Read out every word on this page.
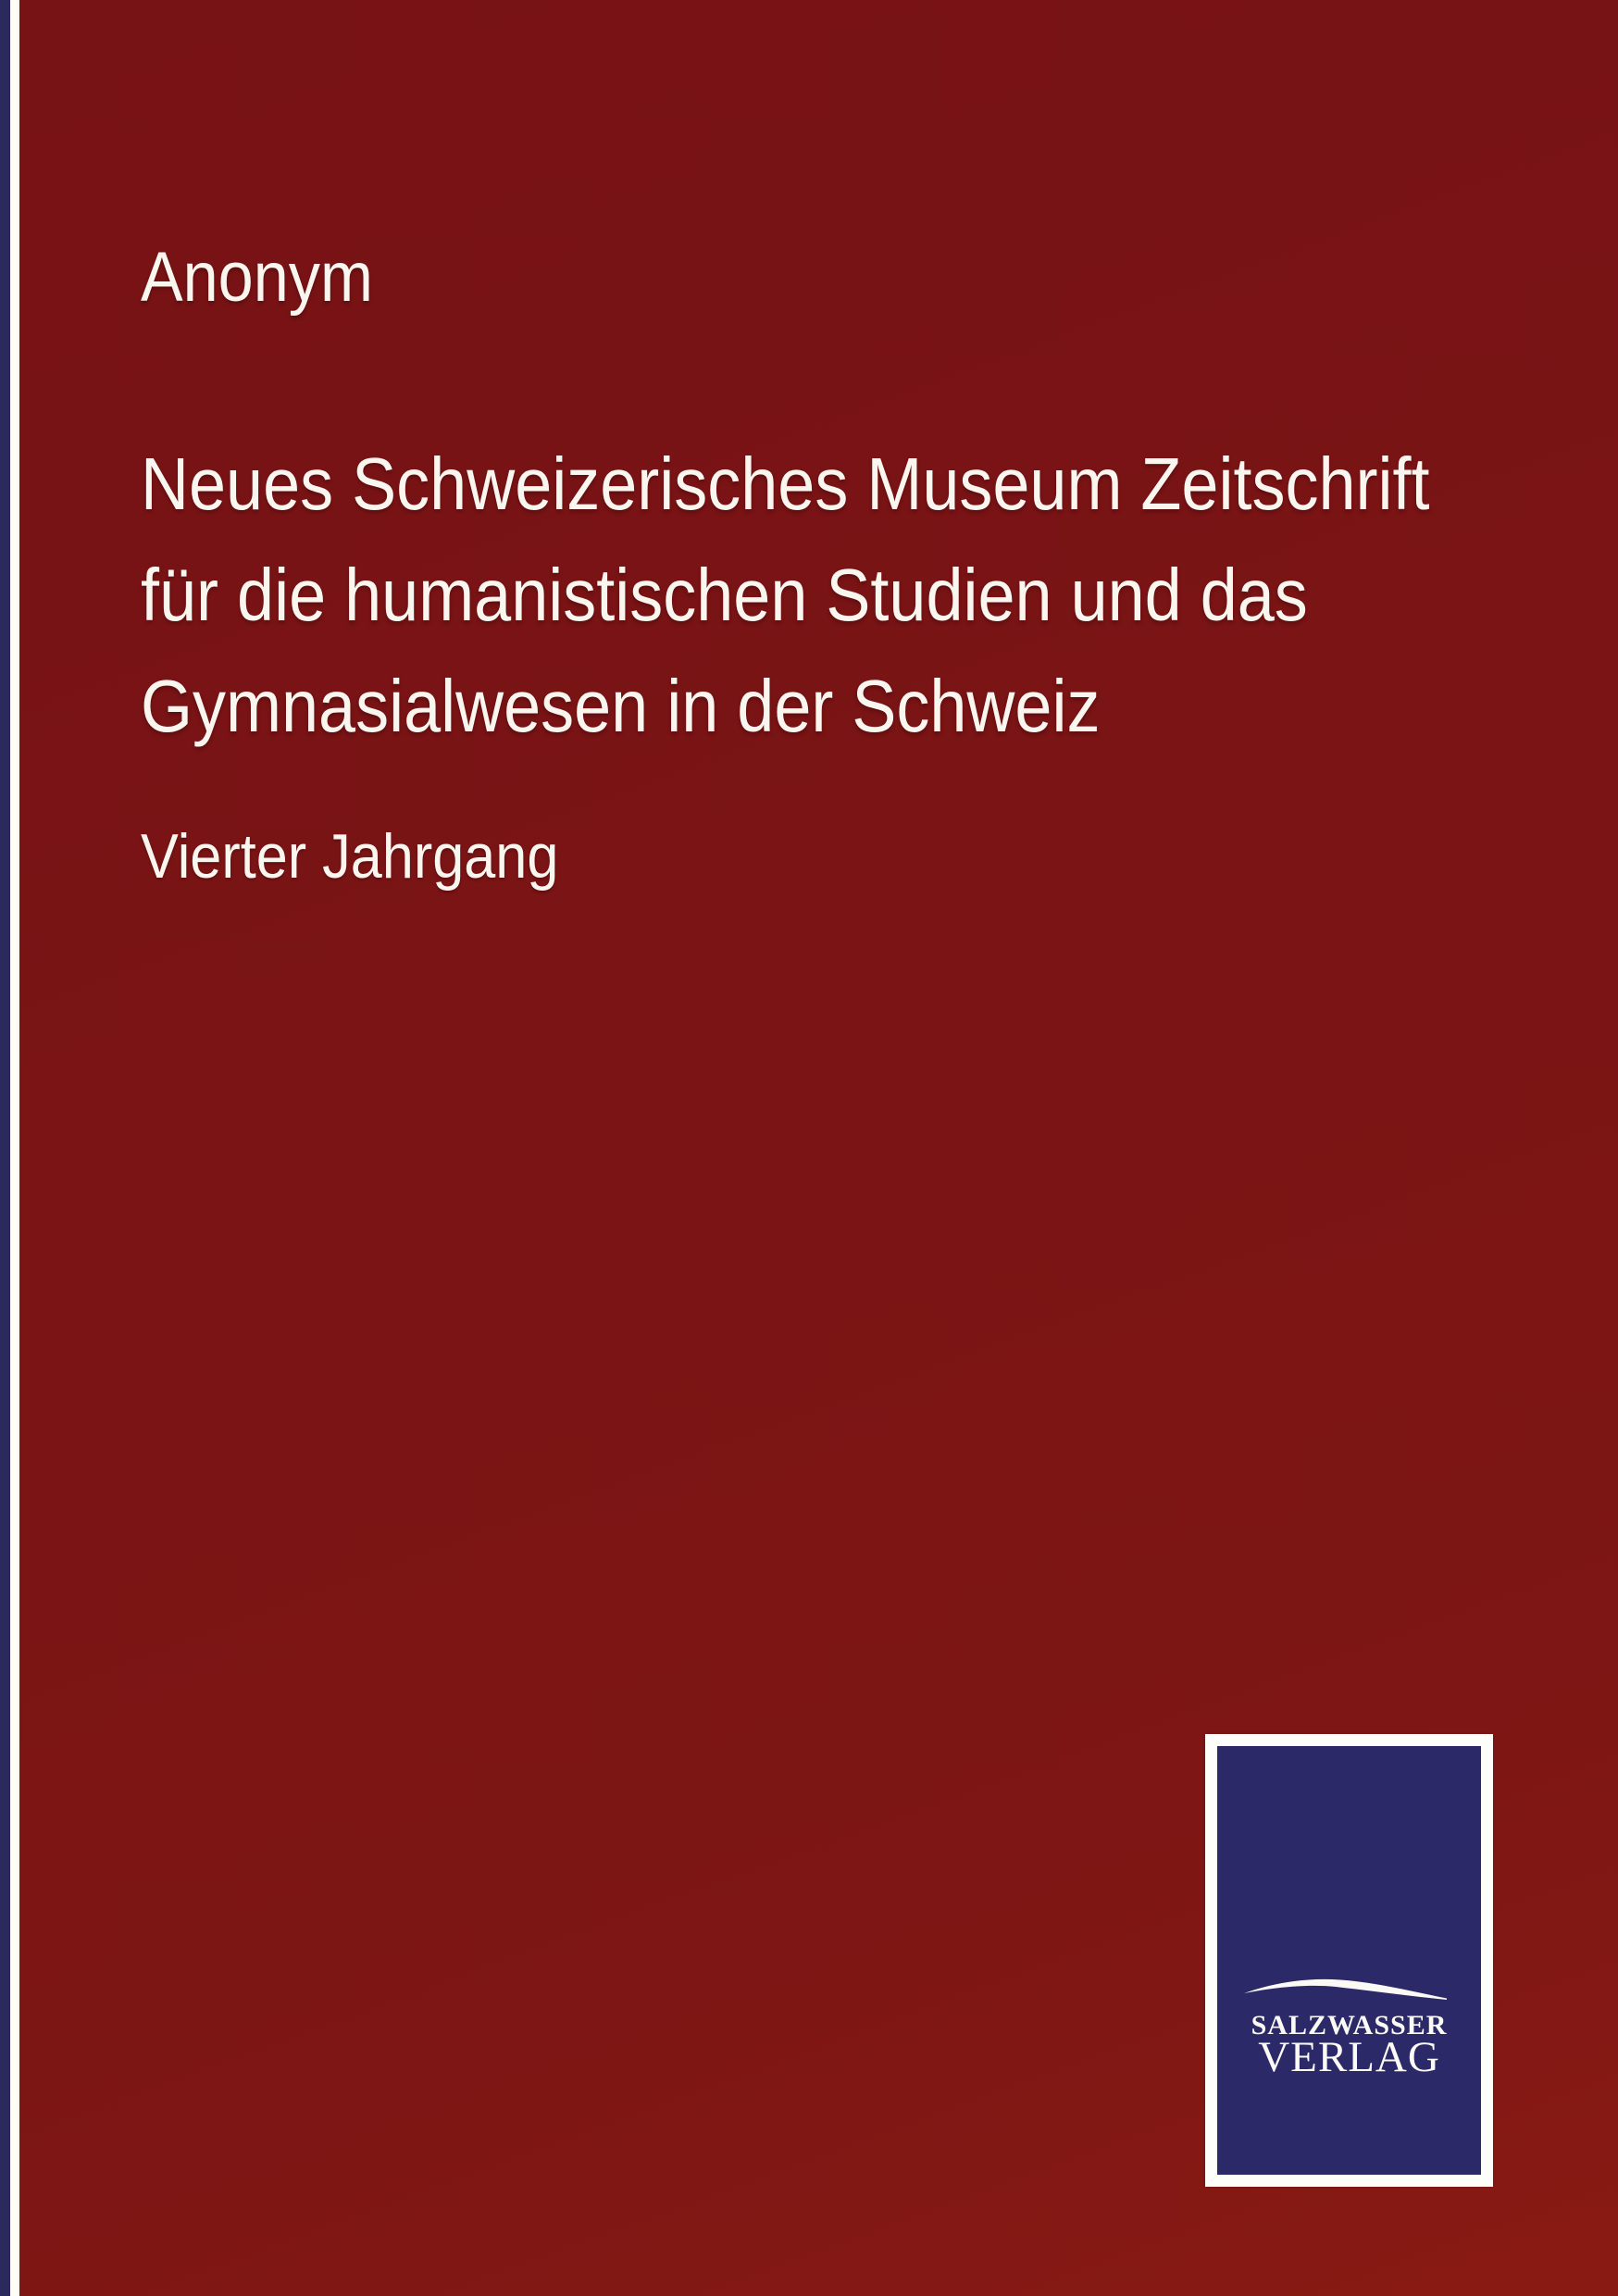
Anonym
Neues Schweizerisches Museum Zeitschrift
für die humanistischen Studien und das
Gymnasialwesen in der Schweiz
Vierter Jahrgang
SALZWASSER
VERLAG
